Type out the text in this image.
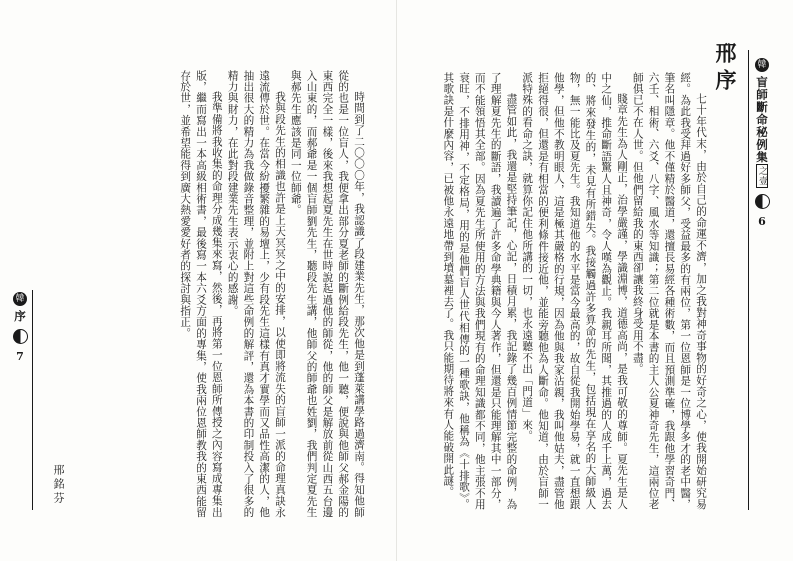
韓
盲師斷命秘例集之壹
6
邢序

七十年代末，由於自己的命運不濟，加之我對神奇事物的好奇之心，使我開始研究易經。為此我受拜過好多師父，受益最多的有兩位，第一位恩師是一位博學多才的老中醫，筆名叫隱章。他不僅精於醫道，還擅長易經各種術數，而且預測準確，我跟他學習奇門、六壬、相術、六爻、八字、風水等知識；第二位就是本書的主人公夏神奇先生，這兩位老師俱已不在人世。但他們留給我的東西卻讓我終身受用不盡。

賤章先生為人剛正，治學嚴謹，學識淵博，道德高尚，是我可敬的尊師。夏先生是人中之仙，推命斷語驚人且神奇，令人嘆為觀止。我親耳所聞，其推過的人成千上萬，過去的、將來發生的，未見有所錯失。我接觸過許多算命的先生，包括現在享名的大師級人物，無一能比及夏先生。我知道他的水平是當今最高的，故自從我開始學易，就一直想跟他學，但他不教明眼人，這是極其嚴格的行規，因為他與我家沾親，我叫他姑夫，盡管他拒絕得很，但還是有相當的便利條件接近他，並能旁聽他為人斷命。他知道，由於盲師一派特殊的看命之訣，就算你記住他所講的一切，也永遠聽不出「門道」來。

盡管如此，我還是堅持筆記，心記，日積月累，我記錄了幾百例情節完整的命例，為了理解夏先生的斷語，我讀遍了許多命學典籍與今人著作，但還是只能理解其中一部分，而不能領悟其全部。因為夏先生所使用的方法與我們現有的命理知識都不同，他主張不用衰旺，不排用神，不定格局，用的是他們盲人世代相傳的一種歌訣，他稱為《十排歌》。其歌訣是什麼內容，已被他永遠地帶到墳墓裡去了。我只能期待將來有人能破開此謎。

時間到了二〇〇〇年，我認識了段建業先生，那次他是到蓬萊講學路過濟南。得知他師從的也是一位盲人，我便拿出部分夏老師的斷例給段先生，他一聽，便說與他師父郝金陽的東西完全一樣，後來我想起夏先生在世時說起過他的師從，他的師父是解放前從山西五台邊入山東的，而郝爺是一個盲師劉先生，聽段先生講，他師父的師爺也姓劉，我們判定夏先生與郝先生應該是同一位師爺。

我與段先生的相識也許是上天冥冥之中的安排，以使即將流失的盲師一派的命理真訣永遠流傳於世。在當今紛擾繁雜的易壇上，少有段先生這樣有真才實學而又品性高潔的人，他抽出很大的精力為我做錄音整理，並附上對這些命例的解評，還為本書的印制投入了很多的精力與財力，在此對段建業先生表示衷心的感謝。

我準備將我收集的命理分成幾集來寫，然後，再將第一位恩師所傳授之內容寫成專集出版，繼而寫出一本高級相術書，最後寫一本六爻方面的專集，使我兩位恩師教我的東西能留存於世，並希望能得到廣大熱愛愛好者的探討與指正。

邢銘芬
韓
序
7
